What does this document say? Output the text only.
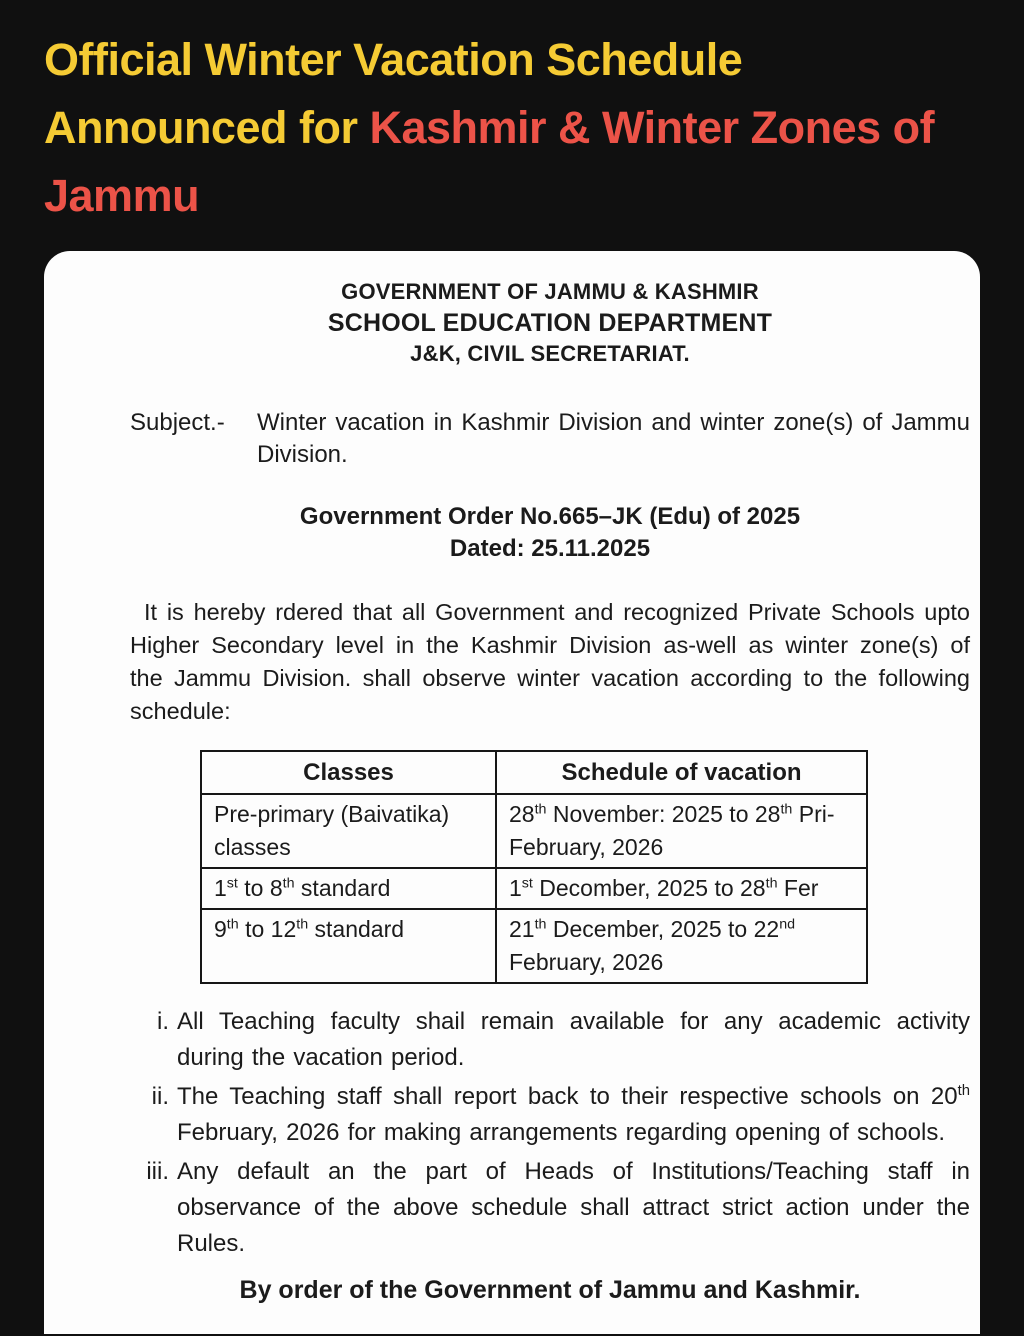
Official Winter Vacation Schedule Announced for Kashmir & Winter Zones of Jammu
GOVERNMENT OF JAMMU & KASHMIR
SCHOOL EDUCATION DEPARTMENT
J&K, CIVIL SECRETARIAT.
Subject.-	Winter vacation in Kashmir Division and winter zone(s) of Jammu Division.
Government Order No.665–JK (Edu) of 2025
Dated: 25.11.2025
It is hereby rdered that all Government and recognized Private Schools upto Higher Secondary level in the Kashmir Division as-well as winter zone(s) of the Jammu Division. shall observe winter vacation according to the following schedule:
Classes	Schedule of vacation
Pre-primary (Baivatika) classes	28th November: 2025 to 28th Pri- February, 2026
1st to 8th standard	1st Decomber, 2025 to 28th Fer
9th to 12th standard	21th December, 2025 to 22nd February, 2026
i. All Teaching faculty shail remain available for any academic activity during the vacation period.
ii. The Teaching staff shall report back to their respective schools on 20th February, 2026 for making arrangements regarding opening of schools.
iii. Any default an the part of Heads of Institutions/Teaching staff in observance of the above schedule shall attract strict action under the Rules.
By order of the Government of Jammu and Kashmir.
